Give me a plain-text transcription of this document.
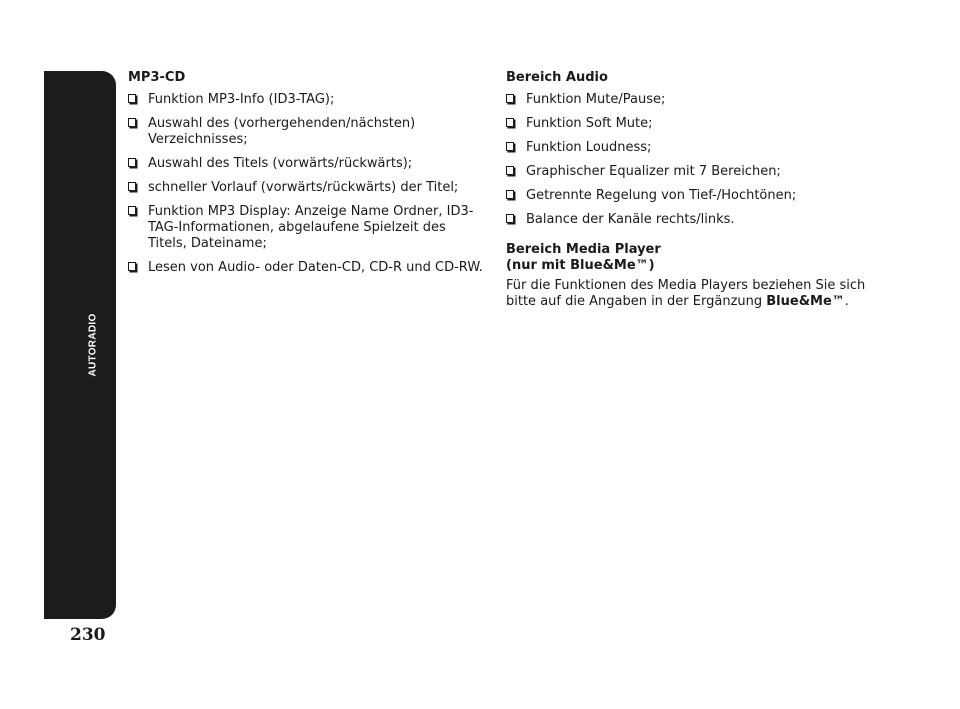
AUTORADIO
230
MP3-CD
Funktion MP3-Info (ID3-TAG);
Auswahl des (vorhergehenden/nächsten) Verzeichnisses;
Auswahl des Titels (vorwärts/rückwärts);
schneller Vorlauf (vorwärts/rückwärts) der Titel;
Funktion MP3 Display: Anzeige Name Ordner, ID3-TAG-Informationen, abgelaufene Spielzeit des Titels, Dateiname;
Lesen von Audio- oder Daten-CD, CD-R und CD-RW.
Bereich Audio
Funktion Mute/Pause;
Funktion Soft Mute;
Funktion Loudness;
Graphischer Equalizer mit 7 Bereichen;
Getrennte Regelung von Tief-/Hochtönen;
Balance der Kanäle rechts/links.
Bereich Media Player
(nur mit Blue&Me™)

Für die Funktionen des Media Players beziehen Sie sich bitte auf die Angaben in der Ergänzung Blue&Me™.
